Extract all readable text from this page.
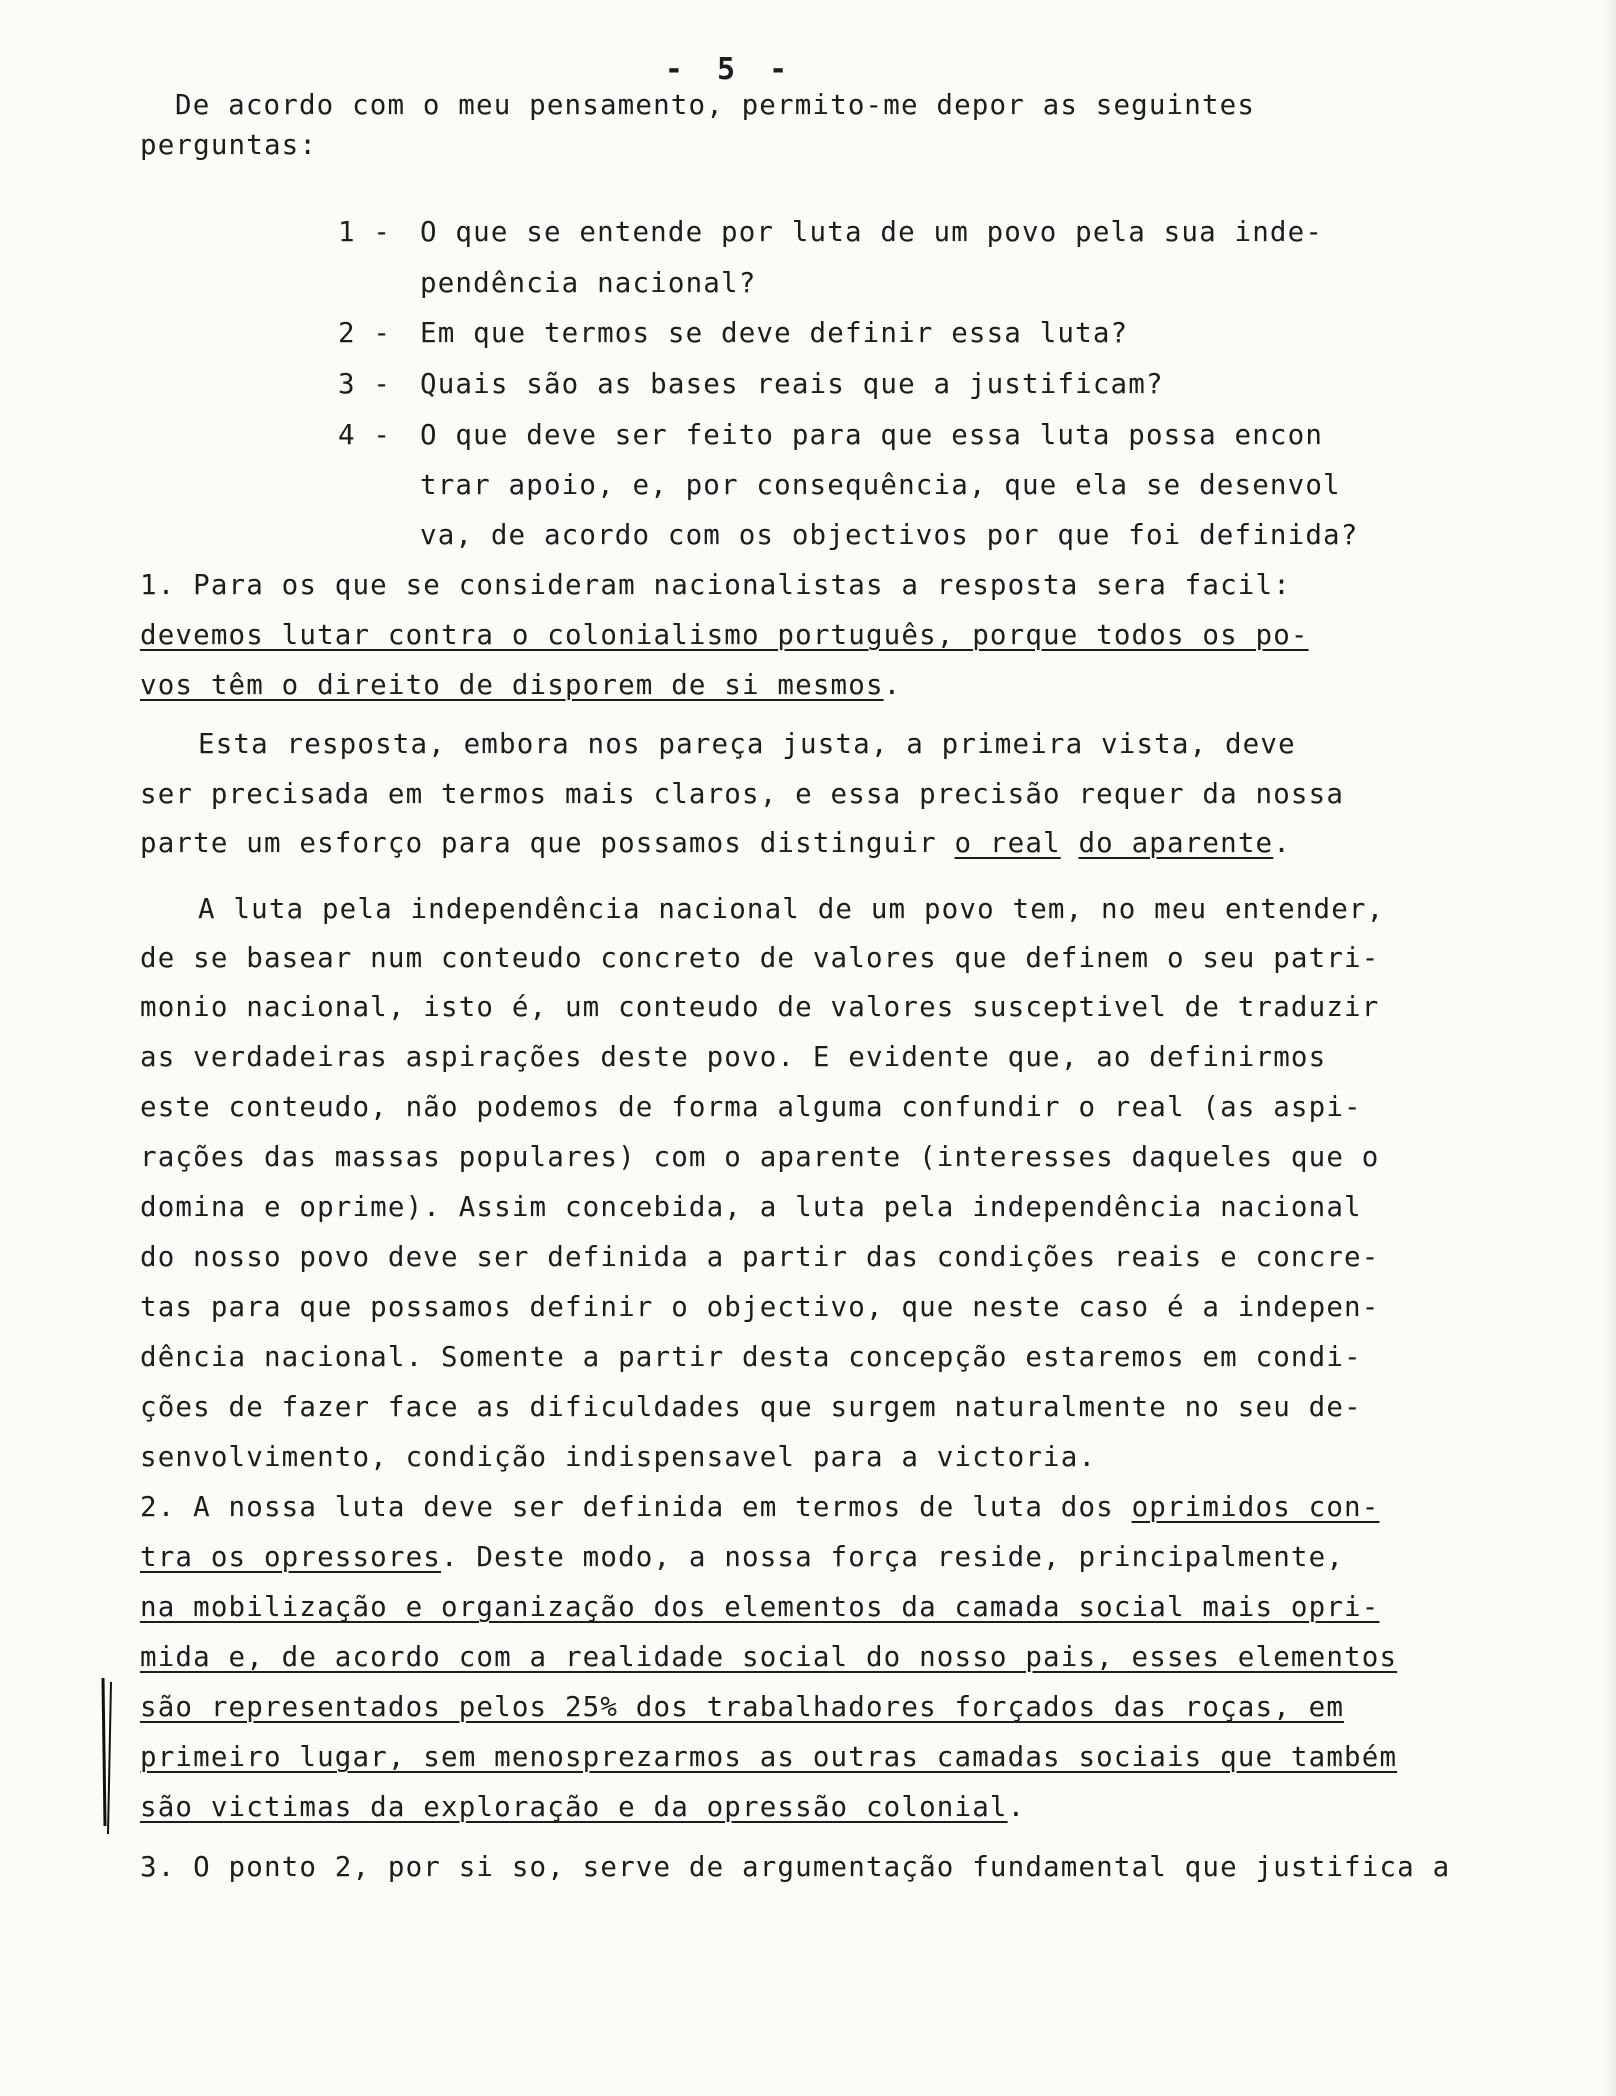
- 5 -
De acordo com o meu pensamento, permito-me depor as seguintes
perguntas:
1 -	O que se entende por luta de um povo pela sua inde-
pendência nacional?
2 -	Em que termos se deve definir essa luta?
3 -	Quais são as bases reais que a justificam?
4 -	O que deve ser feito para que essa luta possa encon
trar apoio, e, por consequência, que ela se desenvol
va, de acordo com os objectivos por que foi definida?
1. Para os que se consideram nacionalistas a resposta sera facil:
devemos lutar contra o colonialismo português, porque todos os po-
vos têm o direito de disporem de si mesmos.
Esta resposta, embora nos pareça justa, a primeira vista, deve
ser precisada em termos mais claros, e essa precisão requer da nossa
parte um esforço para que possamos distinguir o real do aparente.
A luta pela independência nacional de um povo tem, no meu entender,
de se basear num conteudo concreto de valores que definem o seu patri-
monio nacional, isto é, um conteudo de valores susceptivel de traduzir
as verdadeiras aspirações deste povo. E evidente que, ao definirmos
este conteudo, não podemos de forma alguma confundir o real (as aspi-
rações das massas populares) com o aparente (interesses daqueles que o
domina e oprime). Assim concebida, a luta pela independência nacional
do nosso povo deve ser definida a partir das condições reais e concre-
tas para que possamos definir o objectivo, que neste caso é a indepen-
dência nacional. Somente a partir desta concepção estaremos em condi-
ções de fazer face as dificuldades que surgem naturalmente no seu de-
senvolvimento, condição indispensavel para a victoria.
2. A nossa luta deve ser definida em termos de luta dos oprimidos con-
tra os opressores. Deste modo, a nossa força reside, principalmente,
na mobilização e organização dos elementos da camada social mais opri-
mida e, de acordo com a realidade social do nosso pais, esses elementos
são representados pelos 25% dos trabalhadores forçados das roças, em
primeiro lugar, sem menosprezarmos as outras camadas sociais que também
são victimas da exploração e da opressão colonial.
3. O ponto 2, por si so, serve de argumentação fundamental que justifica a
